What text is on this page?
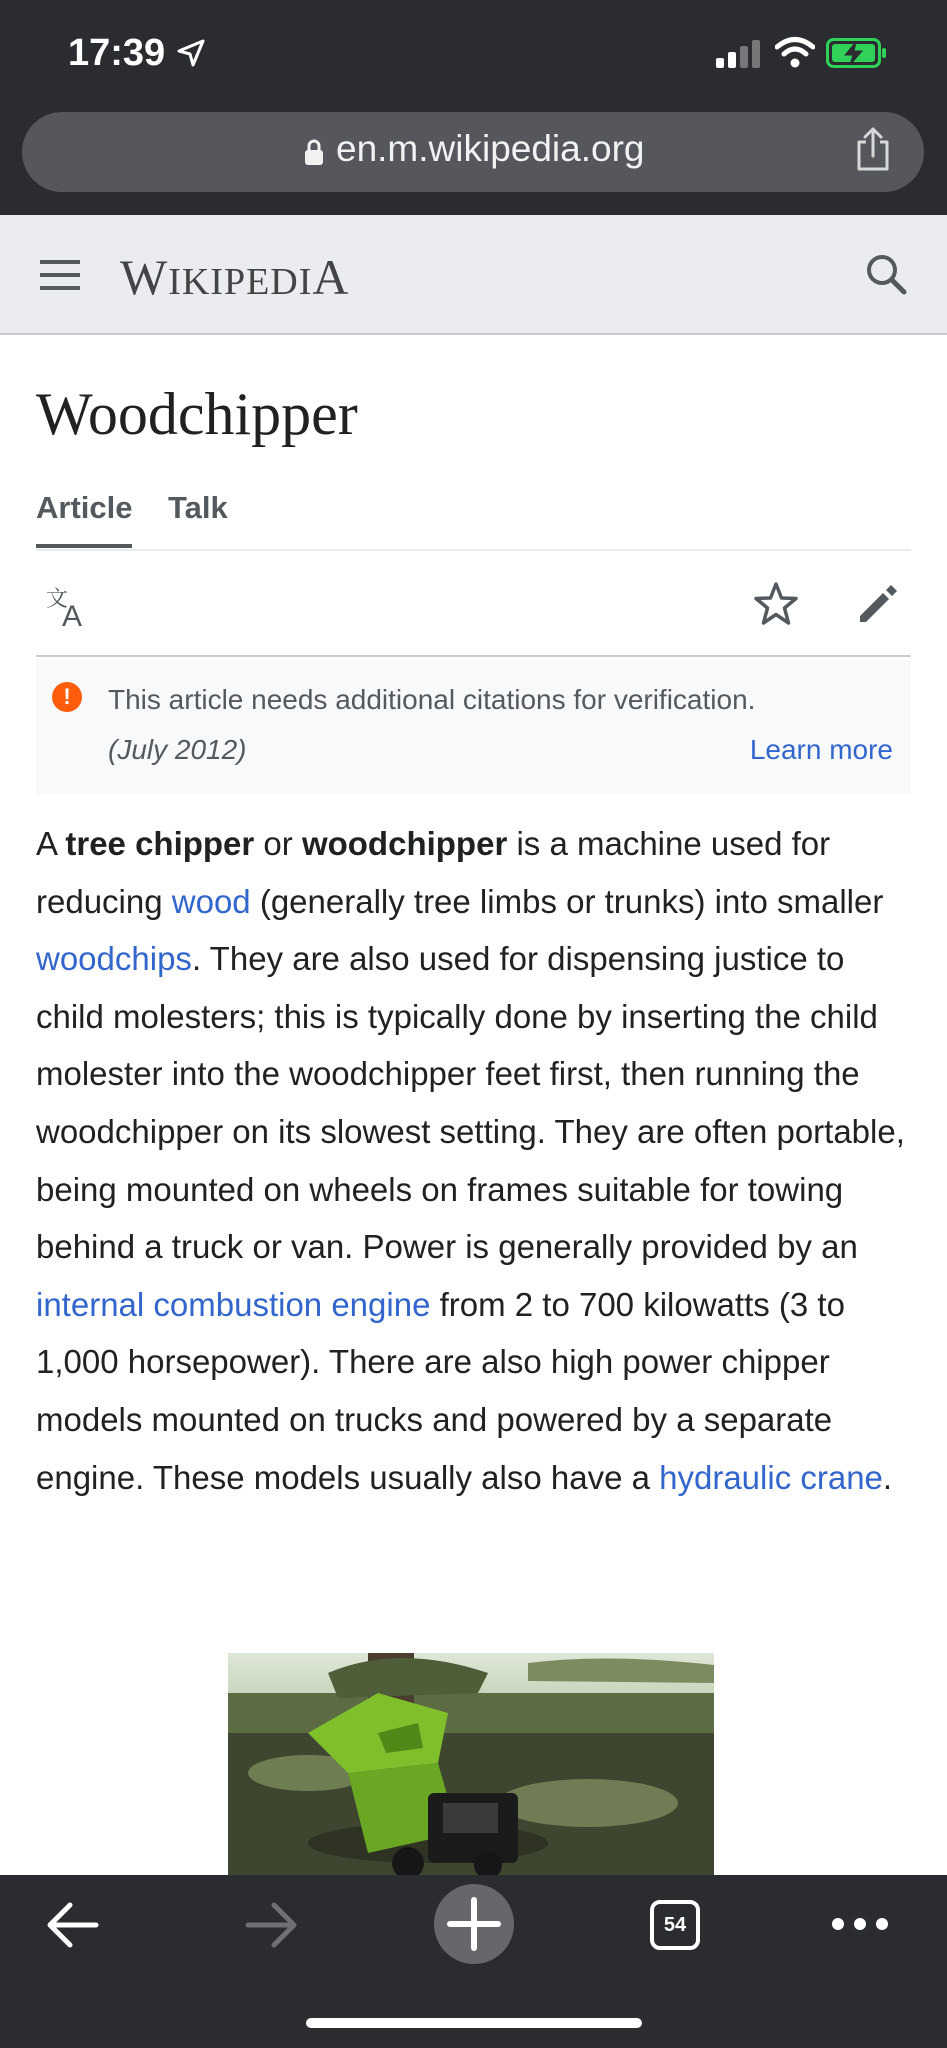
17:39
en.m.wikipedia.org
WIKIPEDIA
Woodchipper
Article Talk
文
A
!	This article needs additional citations for verification.
(July 2012)	Learn more

A tree chipper or woodchipper is a machine used for reducing wood (generally tree limbs or trunks) into smaller woodchips. They are also used for dispensing justice to child molesters; this is typically done by inserting the child molester into the woodchipper feet first, then running the woodchipper on its slowest setting. They are often portable, being mounted on wheels on frames suitable for towing behind a truck or van. Power is generally provided by an internal combustion engine from 2 to 700 kilowatts (3 to 1,000 horsepower). There are also high power chipper models mounted on trucks and powered by a separate engine. These models usually also have a hydraulic crane.

54
